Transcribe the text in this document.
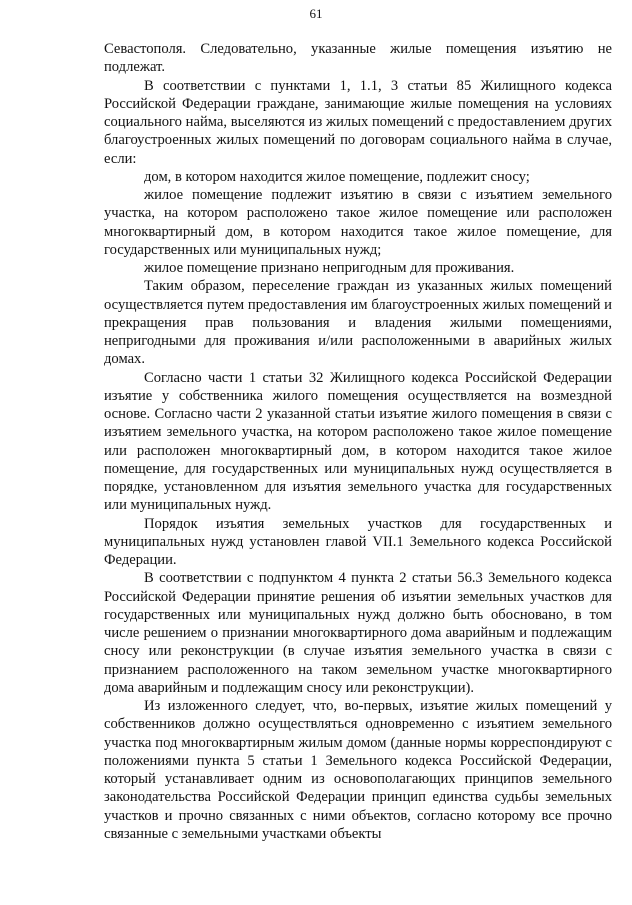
61

Севастополя. Следовательно, указанные жилые помещения изъятию не подлежат.

В соответствии с пунктами 1, 1.1, 3 статьи 85 Жилищного кодекса Российской Федерации граждане, занимающие жилые помещения на условиях социального найма, выселяются из жилых помещений с предоставлением других благоустроенных жилых помещений по договорам социального найма в случае, если:

дом, в котором находится жилое помещение, подлежит сносу;

жилое помещение подлежит изъятию в связи с изъятием земельного участка, на котором расположено такое жилое помещение или расположен многоквартирный дом, в котором находится такое жилое помещение, для государственных или муниципальных нужд;

жилое помещение признано непригодным для проживания.

Таким образом, переселение граждан из указанных жилых помещений осуществляется путем предоставления им благоустроенных жилых помещений и прекращения прав пользования и владения жилыми помещениями, непригодными для проживания и/или расположенными в аварийных жилых домах.

Согласно части 1 статьи 32 Жилищного кодекса Российской Федерации изъятие у собственника жилого помещения осуществляется на возмездной основе. Согласно части 2 указанной статьи изъятие жилого помещения в связи с изъятием земельного участка, на котором расположено такое жилое помещение или расположен многоквартирный дом, в котором находится такое жилое помещение, для государственных или муниципальных нужд осуществляется в порядке, установленном для изъятия земельного участка для государственных или муниципальных нужд.

Порядок изъятия земельных участков для государственных и муниципальных нужд установлен главой VII.1 Земельного кодекса Российской Федерации.

В соответствии с подпунктом 4 пункта 2 статьи 56.3 Земельного кодекса Российской Федерации принятие решения об изъятии земельных участков для государственных или муниципальных нужд должно быть обосновано, в том числе решением о признании многоквартирного дома аварийным и подлежащим сносу или реконструкции (в случае изъятия земельного участка в связи с признанием расположенного на таком земельном участке многоквартирного дома аварийным и подлежащим сносу или реконструкции).

Из изложенного следует, что, во-первых, изъятие жилых помещений у собственников должно осуществляться одновременно с изъятием земельного участка под многоквартирным жилым домом (данные нормы корреспондируют с положениями пункта 5 статьи 1 Земельного кодекса Российской Федерации, который устанавливает одним из основополагающих принципов земельного законодательства Российской Федерации принцип единства судьбы земельных участков и прочно связанных с ними объектов, согласно которому все прочно связанные с земельными участками объекты
